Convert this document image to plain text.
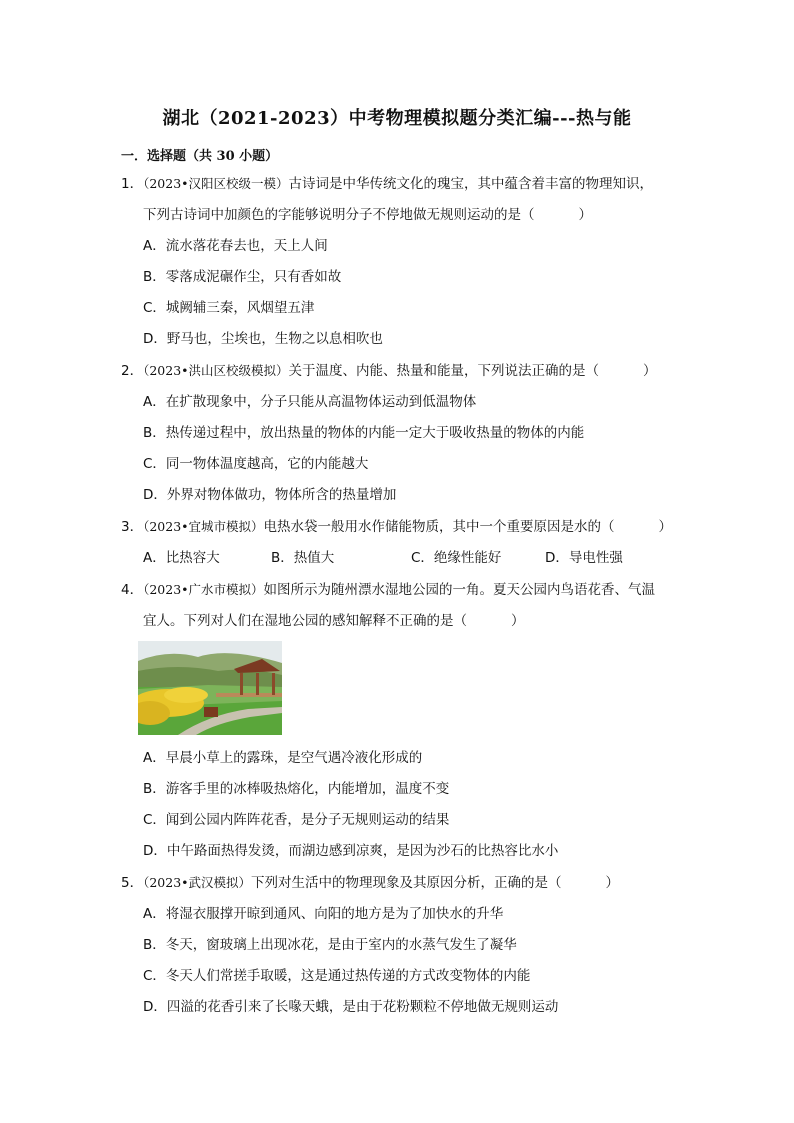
湖北（2021-2023）中考物理模拟题分类汇编---热与能
一．选择题（共 30 小题）
1．（2023•汉阳区校级一模）古诗词是中华传统文化的瑰宝，其中蕴含着丰富的物理知识，
下列古诗词中加颜色的字能够说明分子不停地做无规则运动的是（	）
A．流水落花春去也，天上人间
B．零落成泥碾作尘，只有香如故
C．城阙辅三秦，风烟望五津
D．野马也，尘埃也，生物之以息相吹也
2．（2023•洪山区校级模拟）关于温度、内能、热量和能量，下列说法正确的是（	）
A．在扩散现象中，分子只能从高温物体运动到低温物体
B．热传递过程中，放出热量的物体的内能一定大于吸收热量的物体的内能
C．同一物体温度越高，它的内能越大
D．外界对物体做功，物体所含的热量增加
3．（2023•宜城市模拟）电热水袋一般用水作储能物质，其中一个重要原因是水的（	）
A．比热容大	B．热值大	C．绝缘性能好	D．导电性强
4．（2023•广水市模拟）如图所示为随州漂水湿地公园的一角。夏天公园内鸟语花香、气温
宜人。下列对人们在湿地公园的感知解释不正确的是（	）
A．早晨小草上的露珠，是空气遇冷液化形成的
B．游客手里的冰棒吸热熔化，内能增加，温度不变
C．闻到公园内阵阵花香，是分子无规则运动的结果
D．中午路面热得发烫，而湖边感到凉爽，是因为沙石的比热容比水小
5．（2023•武汉模拟）下列对生活中的物理现象及其原因分析，正确的是（	）
A．将湿衣服撑开晾到通风、向阳的地方是为了加快水的升华
B．冬天，窗玻璃上出现冰花，是由于室内的水蒸气发生了凝华
C．冬天人们常搓手取暖，这是通过热传递的方式改变物体的内能
D．四溢的花香引来了长喙天蛾，是由于花粉颗粒不停地做无规则运动
